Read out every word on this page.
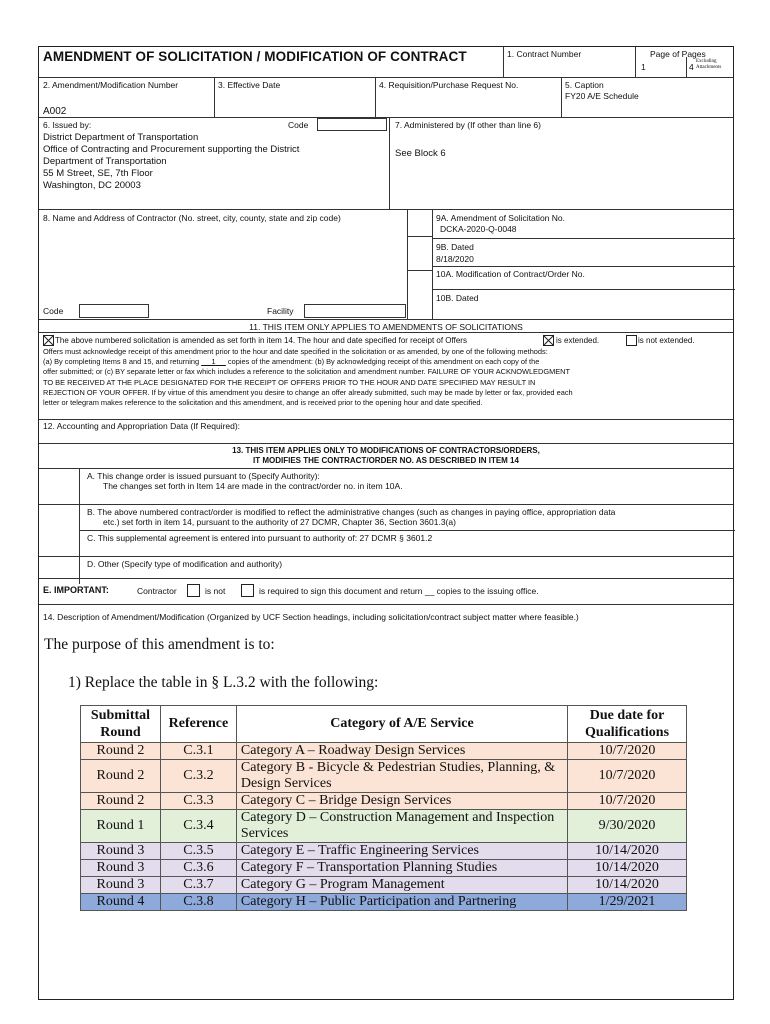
AMENDMENT OF SOLICITATION / MODIFICATION OF CONTRACT	1. Contract Number	Page of Pages
1	4
Excluding
Attachments
2. Amendment/Modification Number
A002
3. Effective Date	4. Requisition/Purchase Request No.	5. Caption
FY20 A/E Schedule
6. Issued by:	Code
District Department of Transportation
Office of Contracting and Procurement supporting the District
Department of Transportation
55 M Street, SE, 7th Floor
Washington, DC 20003
7. Administered by (If other than line 6)
See Block 6
8. Name and Address of Contractor (No. street, city, county, state and zip code)	9A. Amendment of Solicitation No.
DCKA-2020-Q-0048
9B. Dated
8/18/2020
10A. Modification of Contract/Order No.
10B. Dated
Code	Facility
11. THIS ITEM ONLY APPLIES TO AMENDMENTS OF SOLICITATIONS
The above numbered solicitation is amended as set forth in item 14. The hour and date specified for receipt of Offers	is extended.	is not extended.
Offers must acknowledge receipt of this amendment prior to the hour and date specified in the solicitation or as amended, by one of the following methods:
(a) By completing Items 8 and 15, and returning      1      copies of the amendment: (b) By acknowledging receipt of this amendment on each copy of the
offer submitted; or (c) BY separate letter or fax which includes a reference to the solicitation and amendment number. FAILURE OF YOUR ACKNOWLEDGMENT
TO BE RECEIVED AT THE PLACE DESIGNATED FOR THE RECEIPT OF OFFERS PRIOR TO THE HOUR AND DATE SPECIFIED MAY RESULT IN
REJECTION OF YOUR OFFER. If by virtue of this amendment you desire to change an offer already submitted, such may be made by letter or fax, provided each
letter or telegram makes reference to the solicitation and this amendment, and is received prior to the opening hour and date specified.
12. Accounting and Appropriation Data (If Required):
13. THIS ITEM APPLIES ONLY TO MODIFICATIONS OF CONTRACTORS/ORDERS,
IT MODIFIES THE CONTRACT/ORDER NO. AS DESCRIBED IN ITEM 14
A. This change order is issued pursuant to (Specify Authority):
The changes set forth in Item 14 are made in the contract/order no. in item 10A.
B. The above numbered contract/order is modified to reflect the administrative changes (such as changes in paying office, appropriation data
etc.) set forth in item 14, pursuant to the authority of 27 DCMR, Chapter 36, Section 3601.3(a)
C. This supplemental agreement is entered into pursuant to authority of: 27 DCMR § 3601.2
D. Other (Specify type of modification and authority)
E. IMPORTANT:	Contractor	is not	is required to sign this document and return __ copies to the issuing office.
14. Description of Amendment/Modification (Organized by UCF Section headings, including solicitation/contract subject matter where feasible.)
The purpose of this amendment is to:
1) Replace the table in § L.3.2 with the following:
Submittal Round	Reference	Category of A/E Service	Due date for Qualifications
Round 2	C.3.1	Category A – Roadway Design Services	10/7/2020
Round 2	C.3.2	Category B - Bicycle & Pedestrian Studies, Planning, & Design Services	10/7/2020
Round 2	C.3.3	Category C – Bridge Design Services	10/7/2020
Round 1	C.3.4	Category D – Construction Management and Inspection Services	9/30/2020
Round 3	C.3.5	Category E – Traffic Engineering Services	10/14/2020
Round 3	C.3.6	Category F – Transportation Planning Studies	10/14/2020
Round 3	C.3.7	Category G – Program Management	10/14/2020
Round 4	C.3.8	Category H – Public Participation and Partnering	1/29/2021
